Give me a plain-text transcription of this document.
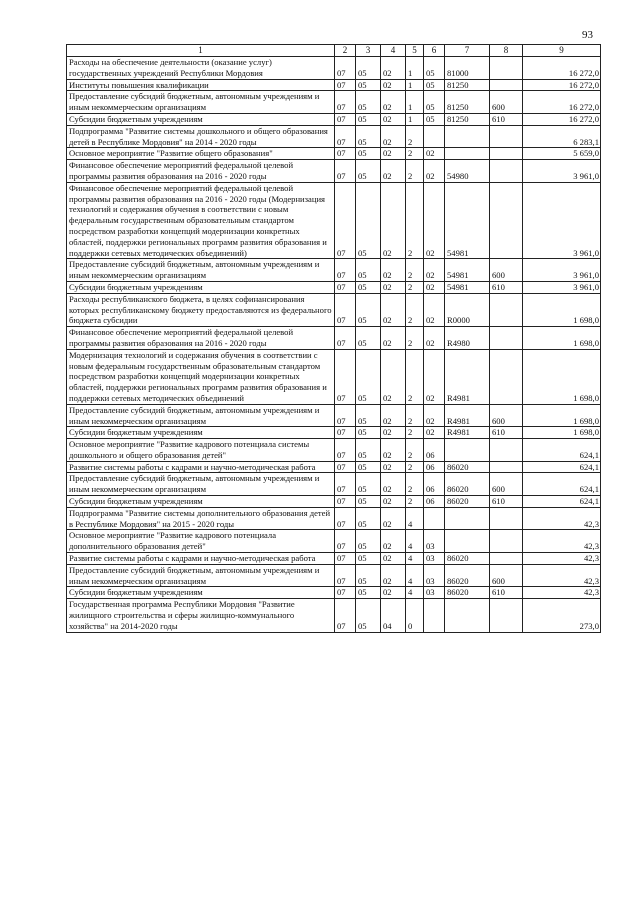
93
1	2	3	4	5	6	7	8	9
Расходы на обеспечение деятельности (оказание услуг) государственных учреждений Республики Мордовия	07	05	02	1	05	81000		16 272,0
Институты повышения квалификации	07	05	02	1	05	81250		16 272,0
Предоставление субсидий бюджетным, автономным учреждениям и иным некоммерческим организациям	07	05	02	1	05	81250	600	16 272,0
Субсидии бюджетным учреждениям	07	05	02	1	05	81250	610	16 272,0
Подпрограмма "Развитие системы дошкольного и общего образования детей в Республике Мордовия" на 2014 - 2020 годы	07	05	02	2				6 283,1
Основное мероприятие "Развитие общего образования"	07	05	02	2	02			5 659,0
Финансовое обеспечение мероприятий федеральной целевой программы развития образования на 2016 - 2020 годы	07	05	02	2	02	54980		3 961,0
Финансовое обеспечение мероприятий федеральной целевой программы развития образования на 2016 - 2020 годы (Модернизация технологий и содержания обучения в соответствии с новым федеральным государственным образовательным стандартом посредством разработки концепций модернизации конкретных областей, поддержки региональных программ развития образования и поддержки сетевых методических объединений)	07	05	02	2	02	54981		3 961,0
Предоставление субсидий бюджетным, автономным учреждениям и иным некоммерческим организациям	07	05	02	2	02	54981	600	3 961,0
Субсидии бюджетным учреждениям	07	05	02	2	02	54981	610	3 961,0
Расходы республиканского бюджета, в целях софинансирования которых республиканскому бюджету предоставляются из федерального бюджета субсидии	07	05	02	2	02	R0000		1 698,0
Финансовое обеспечение мероприятий федеральной целевой программы развития образования на 2016 - 2020 годы	07	05	02	2	02	R4980		1 698,0
Модернизация технологий и содержания обучения в соответствии с новым федеральным государственным образовательным стандартом посредством разработки концепций модернизации конкретных областей, поддержки региональных программ развития образования и поддержки сетевых методических объединений	07	05	02	2	02	R4981		1 698,0
Предоставление субсидий бюджетным, автономным учреждениям и иным некоммерческим организациям	07	05	02	2	02	R4981	600	1 698,0
Субсидии бюджетным учреждениям	07	05	02	2	02	R4981	610	1 698,0
Основное мероприятие "Развитие кадрового потенциала системы дошкольного и общего образования детей"	07	05	02	2	06			624,1
Развитие системы работы с кадрами и научно-методическая работа	07	05	02	2	06	86020		624,1
Предоставление субсидий бюджетным, автономным учреждениям и иным некоммерческим организациям	07	05	02	2	06	86020	600	624,1
Субсидии бюджетным учреждениям	07	05	02	2	06	86020	610	624,1
Подпрограмма "Развитие системы дополнительного образования детей в Республике Мордовия" на 2015 - 2020 годы	07	05	02	4				42,3
Основное мероприятие "Развитие кадрового потенциала дополнительного образования детей"	07	05	02	4	03			42,3
Развитие системы работы с кадрами и научно-методическая работа	07	05	02	4	03	86020		42,3
Предоставление субсидий бюджетным, автономным учреждениям и иным некоммерческим организациям	07	05	02	4	03	86020	600	42,3
Субсидии бюджетным учреждениям	07	05	02	4	03	86020	610	42,3
Государственная программа Республики Мордовия "Развитие жилищного строительства и сферы жилищно-коммунального хозяйства" на 2014-2020 годы	07	05	04	0				273,0
